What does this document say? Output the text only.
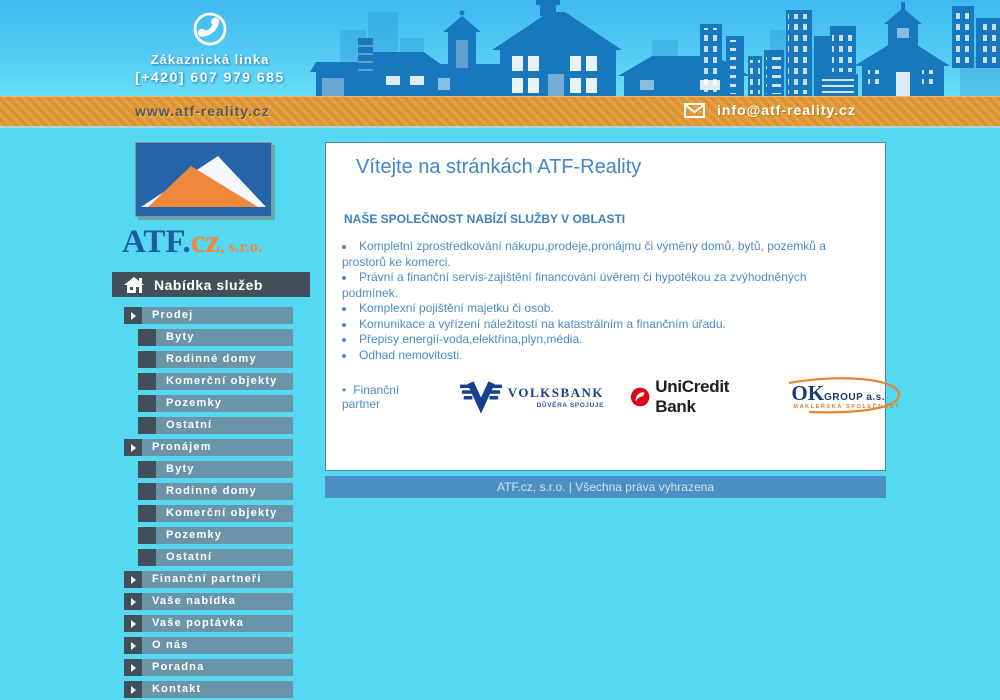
Zákaznická linka
[+420] 607 979 685
www.atf-reality.cz	info@atf-reality.cz
ATF.cz, s.r.o.
Nabídka služeb
Prodej
Byty
Rodinné domy
Komerční objekty
Pozemky
Ostatní
Pronájem
Byty
Rodinné domy
Komerční objekty
Pozemky
Ostatní
Finanční partneři
Vaše nabídka
Vaše poptávka
O nás
Poradna
Kontakt
Vítejte na stránkách ATF-Reality
NAŠE SPOLEČNOST NABÍZÍ SLUŽBY V OBLASTI
• Kompletní zprostředkování nákupu,prodeje,pronájmu či výměny domů, bytů, pozemků a prostorů ke komerci.
• Právní a finanční servis-zajištění financování úvěrem či hypotékou za zvýhodněných podmínek.
• Komplexní pojištění majetku či osob.
• Komunikace a vyřízení náležitostí na katastrálním a finančním úřadu.
• Přepisy energií-voda,elektřina,plyn,média.
• Odhad nemovitosti.
• Finanční partner
VOLKSBANK
DŮVĚRA SPOJUJE
UniCredit Bank
OKGROUP a.s.
MAKLÉŘSKÁ SPOLEČNOST
ATF.cz, s.r.o. | Všechna práva vyhrazena
